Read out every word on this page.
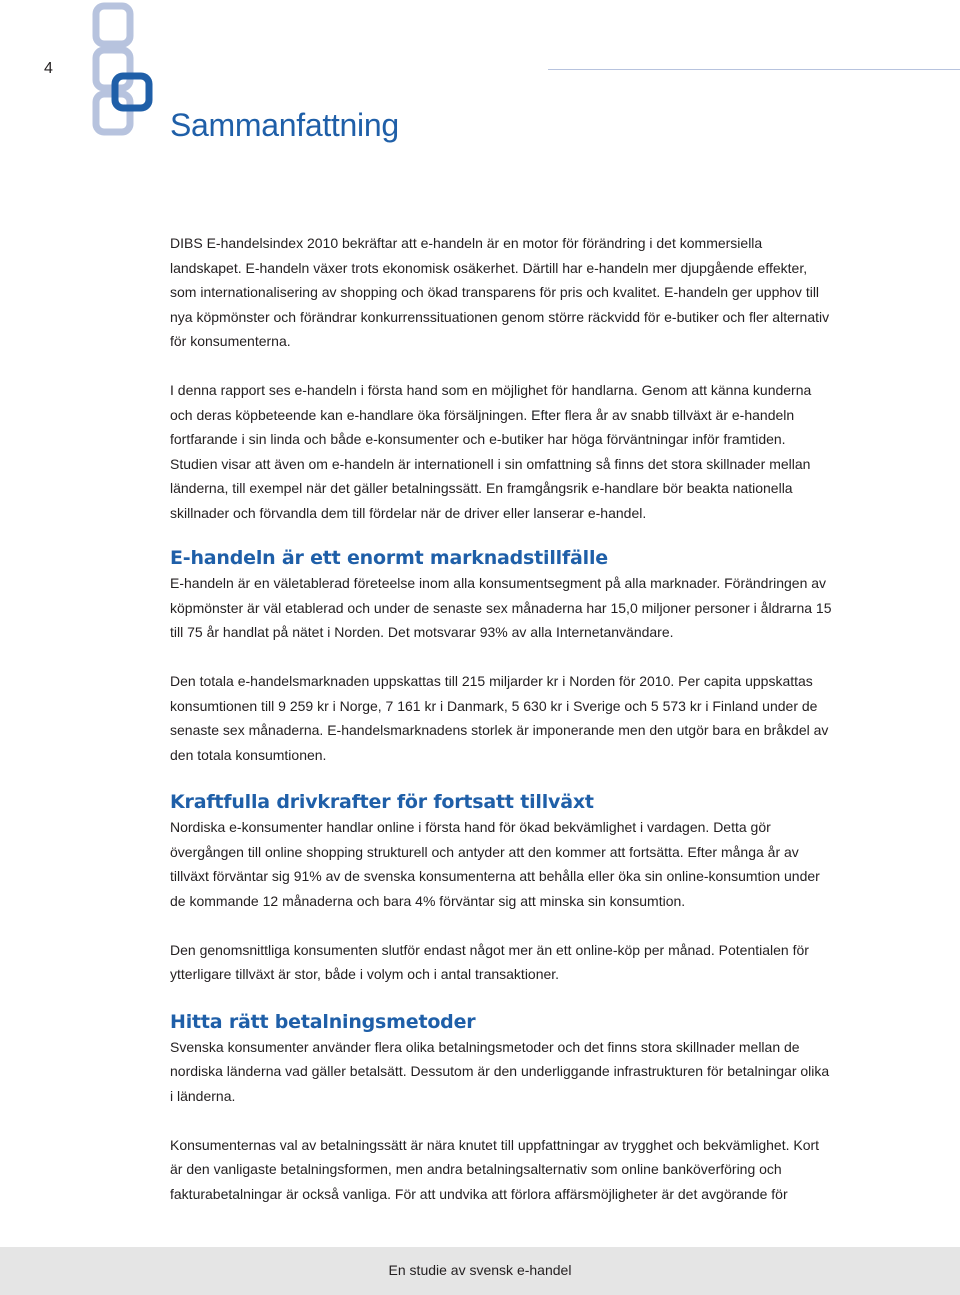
4
Sammanfattning

DIBS E-handelsindex 2010 bekräftar att e-handeln är en motor för förändring i det kommersiella landskapet. E-handeln växer trots ekonomisk osäkerhet. Därtill har e-handeln mer djupgående effekter, som internationalisering av shopping och ökad transparens för pris och kvalitet. E-handeln ger upphov till nya köpmönster och förändrar konkurrenssituationen genom större räckvidd för e-butiker och fler alternativ för konsumenterna.

I denna rapport ses e-handeln i första hand som en möjlighet för handlarna. Genom att känna kunderna och deras köpbeteende kan e-handlare öka försäljningen. Efter flera år av snabb tillväxt är e-handeln fortfarande i sin linda och både e-konsumenter och e-butiker har höga förväntningar inför framtiden. Studien visar att även om e-handeln är internationell i sin omfattning så finns det stora skillnader mellan länderna, till exempel när det gäller betalningssätt. En framgångsrik e-handlare bör beakta nationella skillnader och förvandla dem till fördelar när de driver eller lanserar e-handel.

E-handeln är ett enormt marknadstillfälle

E-handeln är en väletablerad företeelse inom alla konsumentsegment på alla marknader. Förändringen av köpmönster är väl etablerad och under de senaste sex månaderna har 15,0 miljoner personer i åldrarna 15 till 75 år handlat på nätet i Norden. Det motsvarar 93% av alla Internetanvändare.

Den totala e-handelsmarknaden uppskattas till 215 miljarder kr i Norden för 2010. Per capita uppskattas konsumtionen till 9 259 kr i Norge, 7 161 kr i Danmark, 5 630 kr i Sverige och 5 573 kr i Finland under de senaste sex månaderna. E-handelsmarknadens storlek är imponerande men den utgör bara en bråkdel av den totala konsumtionen.

Kraftfulla drivkrafter för fortsatt tillväxt

Nordiska e-konsumenter handlar online i första hand för ökad bekvämlighet i vardagen. Detta gör övergången till online shopping strukturell och antyder att den kommer att fortsätta. Efter många år av tillväxt förväntar sig 91% av de svenska konsumenterna att behålla eller öka sin online-konsumtion under de kommande 12 månaderna och bara 4% förväntar sig att minska sin konsumtion.

Den genomsnittliga konsumenten slutför endast något mer än ett online-köp per månad. Potentialen för ytterligare tillväxt är stor, både i volym och i antal transaktioner.

Hitta rätt betalningsmetoder

Svenska konsumenter använder flera olika betalningsmetoder och det finns stora skillnader mellan de nordiska länderna vad gäller betalsätt. Dessutom är den underliggande infrastrukturen för betalningar olika i länderna.

Konsumenternas val av betalningssätt är nära knutet till uppfattningar av trygghet och bekvämlighet. Kort är den vanligaste betalningsformen, men andra betalningsalternativ som online banköverföring och fakturabetalningar är också vanliga. För att undvika att förlora affärsmöjligheter är det avgörande för

En studie av svensk e-handel
